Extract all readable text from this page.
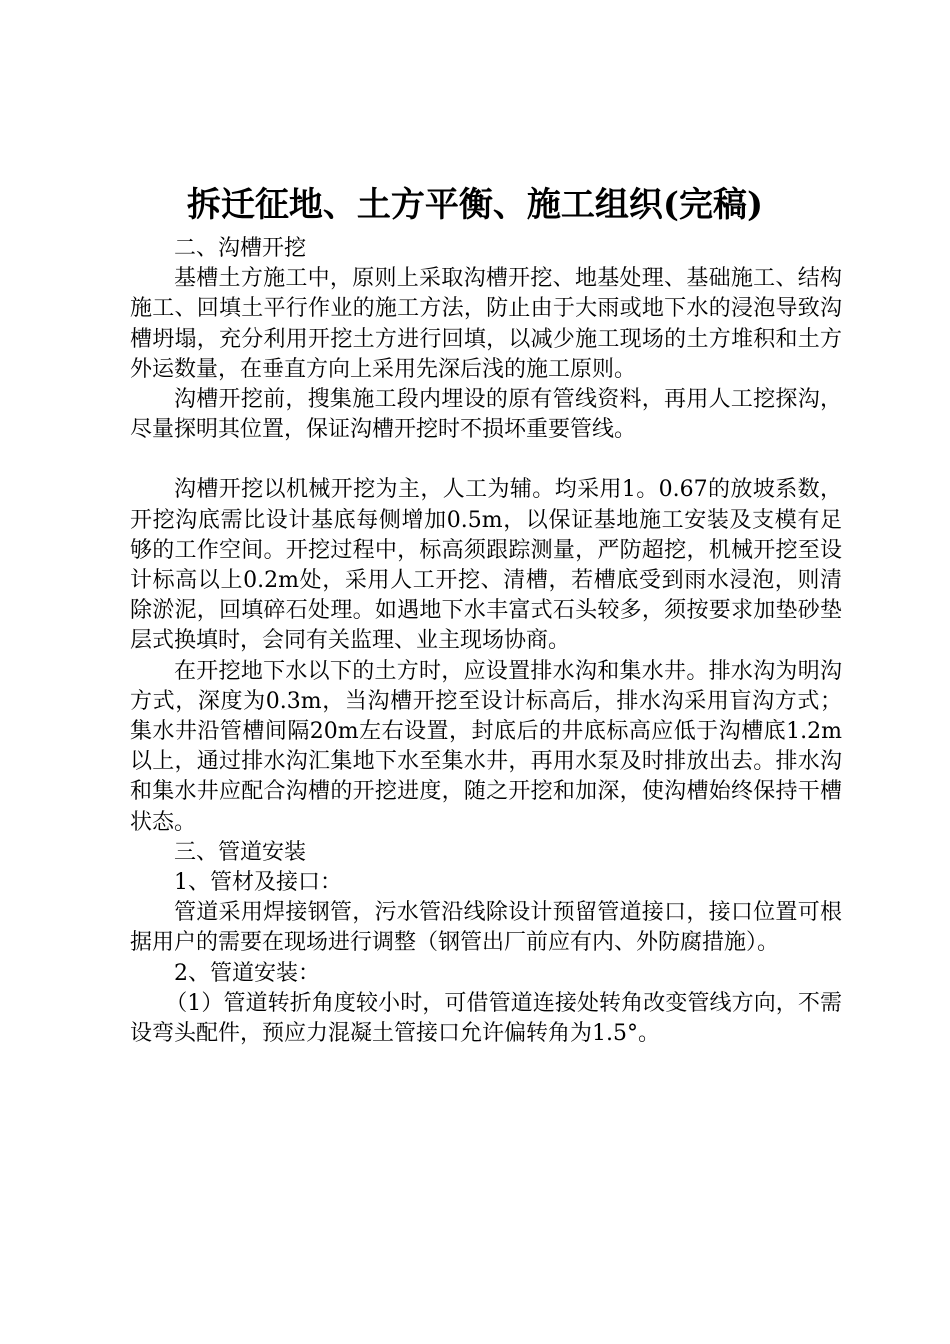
拆迁征地、土方平衡、施工组织(完稿)

二、沟槽开挖

基槽土方施工中，原则上采取沟槽开挖、地基处理、基础施工、结构施工、回填土平行作业的施工方法，防止由于大雨或地下水的浸泡导致沟槽坍塌，充分利用开挖土方进行回填，以减少施工现场的土方堆积和土方外运数量，在垂直方向上采用先深后浅的施工原则。

沟槽开挖前，搜集施工段内埋设的原有管线资料，再用人工挖探沟，尽量探明其位置，保证沟槽开挖时不损坏重要管线。

沟槽开挖以机械开挖为主，人工为辅。均采用1。0.67的放坡系数，开挖沟底需比设计基底每侧增加0.5m，以保证基地施工安装及支模有足够的工作空间。开挖过程中，标高须跟踪测量，严防超挖，机械开挖至设计标高以上0.2m处，采用人工开挖、清槽，若槽底受到雨水浸泡，则清除淤泥，回填碎石处理。如遇地下水丰富式石头较多，须按要求加垫砂垫层式换填时，会同有关监理、业主现场协商。

在开挖地下水以下的土方时，应设置排水沟和集水井。排水沟为明沟方式，深度为0.3m，当沟槽开挖至设计标高后，排水沟采用盲沟方式；集水井沿管槽间隔20m左右设置，封底后的井底标高应低于沟槽底1.2m以上，通过排水沟汇集地下水至集水井，再用水泵及时排放出去。排水沟和集水井应配合沟槽的开挖进度，随之开挖和加深，使沟槽始终保持干槽状态。

三、管道安装

1、管材及接口：

管道采用焊接钢管，污水管沿线除设计预留管道接口，接口位置可根据用户的需要在现场进行调整（钢管出厂前应有内、外防腐措施）。

2、管道安装：

（1）管道转折角度较小时，可借管道连接处转角改变管线方向，不需设弯头配件，预应力混凝土管接口允许偏转角为1.5°。
